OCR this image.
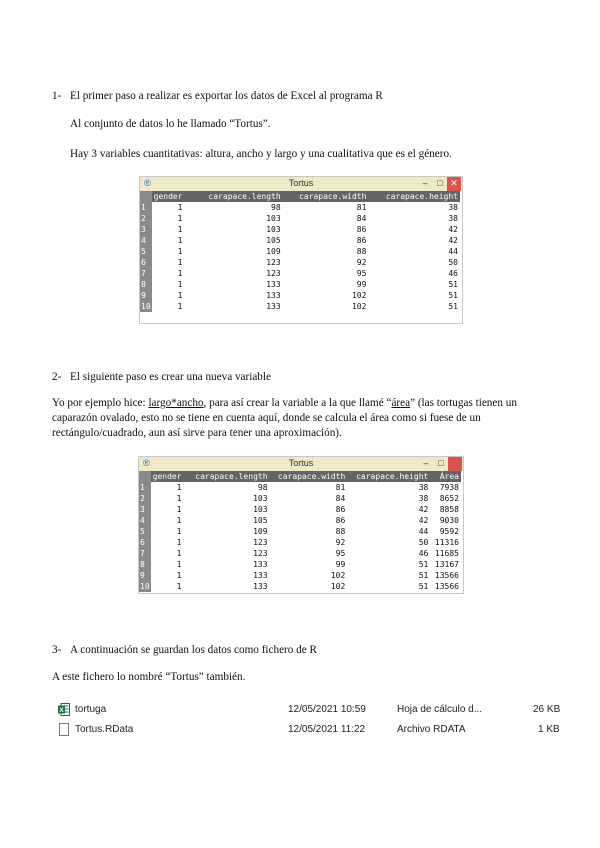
1- El primer paso a realizar es exportar los datos de Excel al programa R
Al conjunto de datos lo he llamado “Tortus”.
Hay 3 variables cuantitativas: altura, ancho y largo y una cualitativa que es el género.
®	Tortus	–	□ ✕
	gender	carapace.length	carapace.width	carapace.height
1	1	98	81	38
2	1	103	84	38
3	1	103	86	42
4	1	105	86	42
5	1	109	88	44
6	1	123	92	50
7	1	123	95	46
8	1	133	99	51
9	1	133	102	51
10	1	133	102	51
2- El siguiente paso es crear una nueva variable
Yo por ejemplo hice: largo*ancho, para así crear la variable a la que llamé “área” (las tortugas tienen un caparazón ovalado, esto no se tiene en cuenta aquí, donde se calcula el área como si fuese de un rectángulo/cuadrado, aun así sirve para tener una aproximación).
®	Tortus	–	□
	gender	carapace.length	carapace.width	carapace.height	Área
1	1	98	81	38	7938
2	1	103	84	38	8652
3	1	103	86	42	8858
4	1	105	86	42	9030
5	1	109	88	44	9592
6	1	123	92	50	11316
7	1	123	95	46	11685
8	1	133	99	51	13167
9	1	133	102	51	13566
10	1	133	102	51	13566
3- A continuación se guardan los datos como fichero de R
A este fichero lo nombré “Tortus” también.
X tortuga	12/05/2021 10:59	Hoja de cálculo d...	26 KB
Tortus.RData	12/05/2021 11:22	Archivo RDATA	1 KB
